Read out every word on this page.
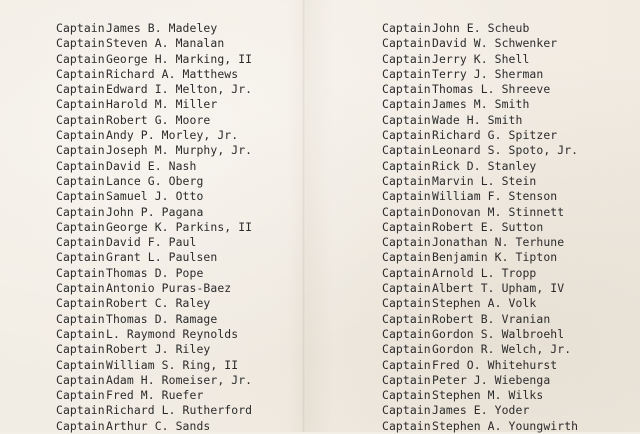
CaptainJames B. Madeley
CaptainSteven A. Manalan
CaptainGeorge H. Marking, II
CaptainRichard A. Matthews
CaptainEdward I. Melton, Jr.
CaptainHarold M. Miller
CaptainRobert G. Moore
CaptainAndy P. Morley, Jr.
CaptainJoseph M. Murphy, Jr.
CaptainDavid E. Nash
CaptainLance G. Oberg
CaptainSamuel J. Otto
CaptainJohn P. Pagana
CaptainGeorge K. Parkins, II
CaptainDavid F. Paul
CaptainGrant L. Paulsen
CaptainThomas D. Pope
CaptainAntonio Puras-Baez
CaptainRobert C. Raley
CaptainThomas D. Ramage
CaptainL. Raymond Reynolds
CaptainRobert J. Riley
CaptainWilliam S. Ring, II
CaptainAdam H. Romeiser, Jr.
CaptainFred M. Ruefer
CaptainRichard L. Rutherford
CaptainArthur C. Sands
CaptainJohn E. Scheub
CaptainDavid W. Schwenker
CaptainJerry K. Shell
CaptainTerry J. Sherman
CaptainThomas L. Shreeve
CaptainJames M. Smith
CaptainWade H. Smith
CaptainRichard G. Spitzer
CaptainLeonard S. Spoto, Jr.
CaptainRick D. Stanley
CaptainMarvin L. Stein
CaptainWilliam F. Stenson
CaptainDonovan M. Stinnett
CaptainRobert E. Sutton
CaptainJonathan N. Terhune
CaptainBenjamin K. Tipton
CaptainArnold L. Tropp
CaptainAlbert T. Upham, IV
CaptainStephen A. Volk
CaptainRobert B. Vranian
CaptainGordon S. Walbroehl
CaptainGordon R. Welch, Jr.
CaptainFred O. Whitehurst
CaptainPeter J. Wiebenga
CaptainStephen M. Wilks
CaptainJames E. Yoder
CaptainStephen A. Youngwirth
